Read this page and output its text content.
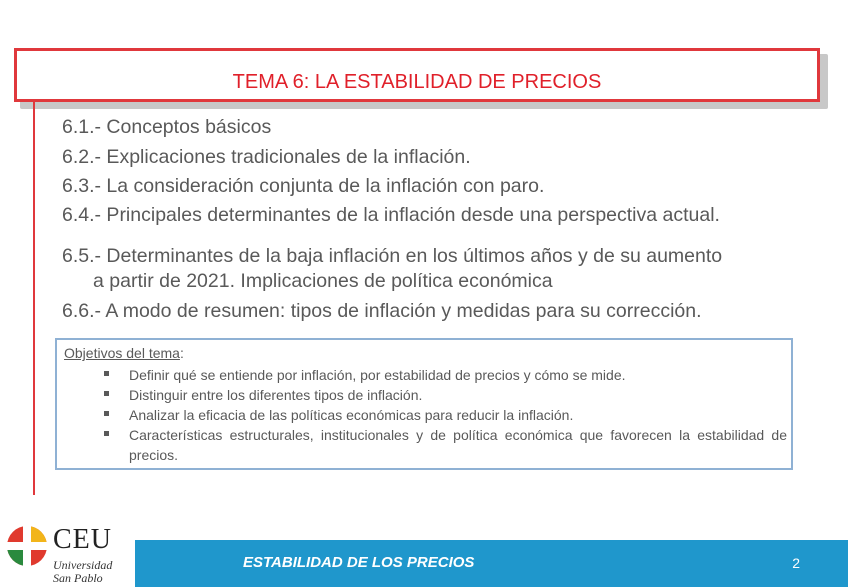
TEMA 6: LA ESTABILIDAD DE PRECIOS
6.1.- Conceptos básicos
6.2.- Explicaciones tradicionales de la inflación.
6.3.- La consideración conjunta de la inflación con paro.
6.4.- Principales determinantes de la inflación desde una perspectiva actual.
6.5.- Determinantes de la baja inflación en los últimos años y de su aumento
a partir de 2021. Implicaciones de política económica
6.6.- A modo de resumen: tipos de inflación y medidas para su corrección.
Objetivos del tema:
Definir qué se entiende por inflación, por estabilidad de precios y cómo se mide.
Distinguir entre los diferentes tipos de inflación.
Analizar la eficacia de las políticas económicas para reducir la inflación.
Características estructurales, institucionales y de política económica que favorecen la estabilidad de precios.
CEU
Universidad
San Pablo
ESTABILIDAD DE LOS PRECIOS	2
